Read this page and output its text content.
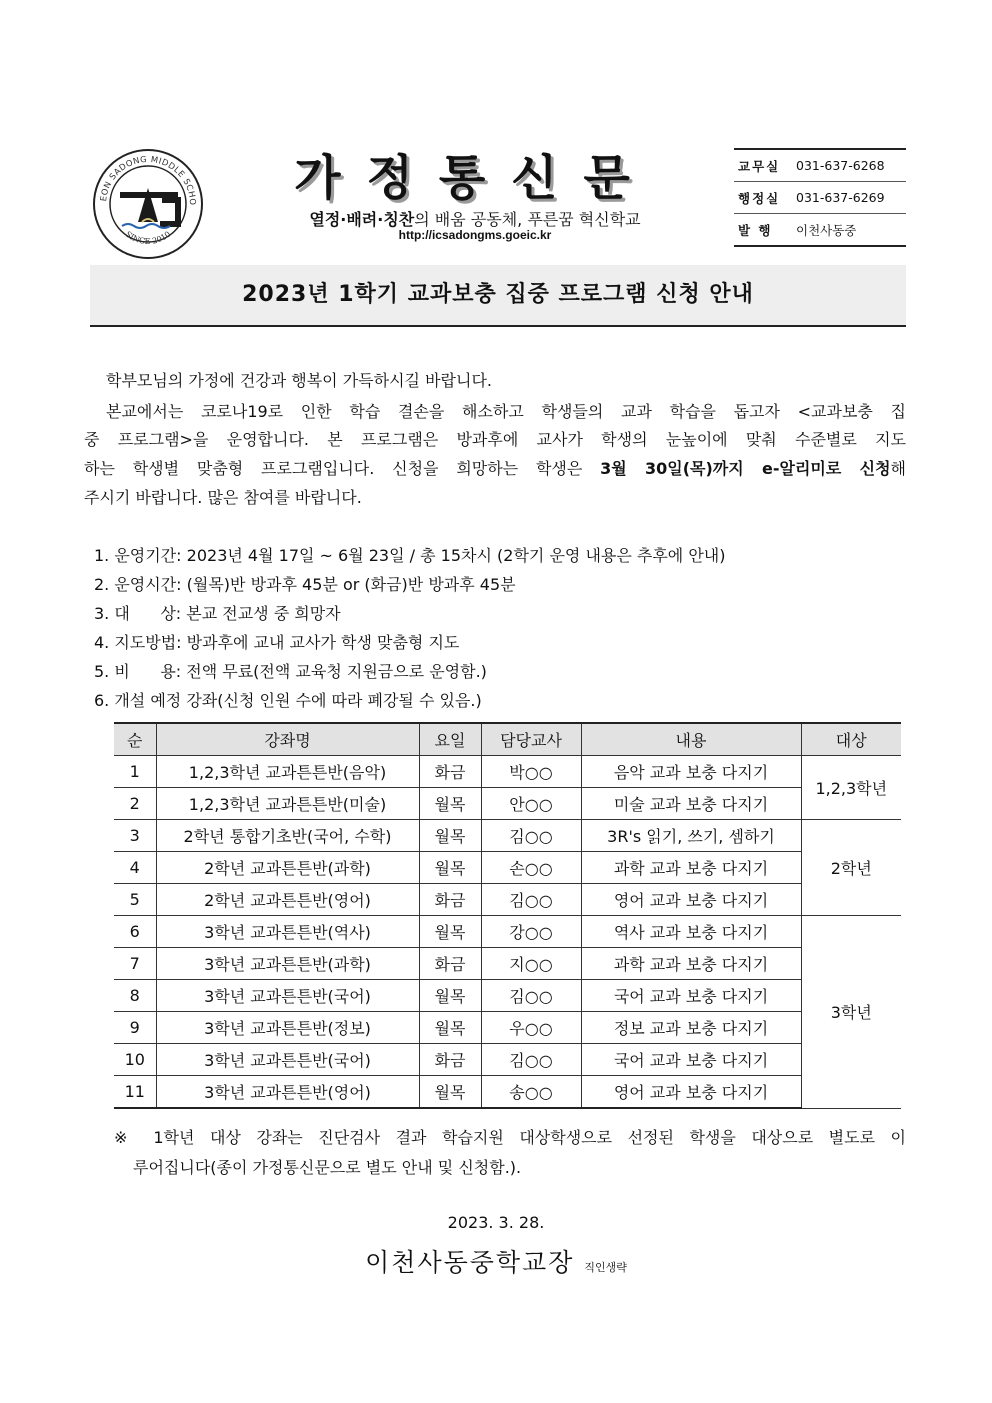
EON SADONG MIDDLE SCHO
SINCE 2010
가정통신문
열정·배려·칭찬의 배움 공동체, 푸른꿈 혁신학교
http://icsadongms.goeic.kr
교무실	031-637-6268
행정실	031-637-6269
발 행	이천사동중
2023년 1학기 교과보충 집중 프로그램 신청 안내
학부모님의 가정에 건강과 행복이 가득하시길 바랍니다.
본교에서는 코로나19로 인한 학습 결손을 해소하고 학생들의 교과 학습을 돕고자 <교과보충 집
중 프로그램>을 운영합니다. 본 프로그램은 방과후에 교사가 학생의 눈높이에 맞춰 수준별로 지도
하는 학생별 맞춤형 프로그램입니다. 신청을 희망하는 학생은 3월 30일(목)까지 e-알리미로 신청해
주시기 바랍니다. 많은 참여를 바랍니다.
1. 운영기간: 2023년 4월 17일 ~ 6월 23일 / 총 15차시 (2학기 운영 내용은 추후에 안내)
2. 운영시간: (월목)반 방과후 45분 or (화금)반 방과후 45분
3. 대      상: 본교 전교생 중 희망자
4. 지도방법: 방과후에 교내 교사가 학생 맞춤형 지도
5. 비      용: 전액 무료(전액 교육청 지원금으로 운영함.)
6. 개설 예정 강좌(신청 인원 수에 따라 폐강될 수 있음.)
순	강좌명	요일	담당교사	내용	대상
1	1,2,3학년 교과튼튼반(음악)	화금	박○○	음악 교과 보충 다지기	1,2,3학년
2	1,2,3학년 교과튼튼반(미술)	월목	안○○	미술 교과 보충 다지기	
3	2학년 통합기초반(국어, 수학)	월목	김○○	3R's 읽기, 쓰기, 셈하기	2학년
4	2학년 교과튼튼반(과학)	월목	손○○	과학 교과 보충 다지기	
5	2학년 교과튼튼반(영어)	화금	김○○	영어 교과 보충 다지기	
6	3학년 교과튼튼반(역사)	월목	강○○	역사 교과 보충 다지기	3학년
7	3학년 교과튼튼반(과학)	화금	지○○	과학 교과 보충 다지기	
8	3학년 교과튼튼반(국어)	월목	김○○	국어 교과 보충 다지기	
9	3학년 교과튼튼반(정보)	월목	우○○	정보 교과 보충 다지기	
10	3학년 교과튼튼반(국어)	화금	김○○	국어 교과 보충 다지기	
11	3학년 교과튼튼반(영어)	월목	송○○	영어 교과 보충 다지기	
※ 1학년 대상 강좌는 진단검사 결과 학습지원 대상학생으로 선정된 학생을 대상으로 별도로 이
루어집니다(종이 가정통신문으로 별도 안내 및 신청함.).
2023. 3. 28.
이천사동중학교장 직인생략
